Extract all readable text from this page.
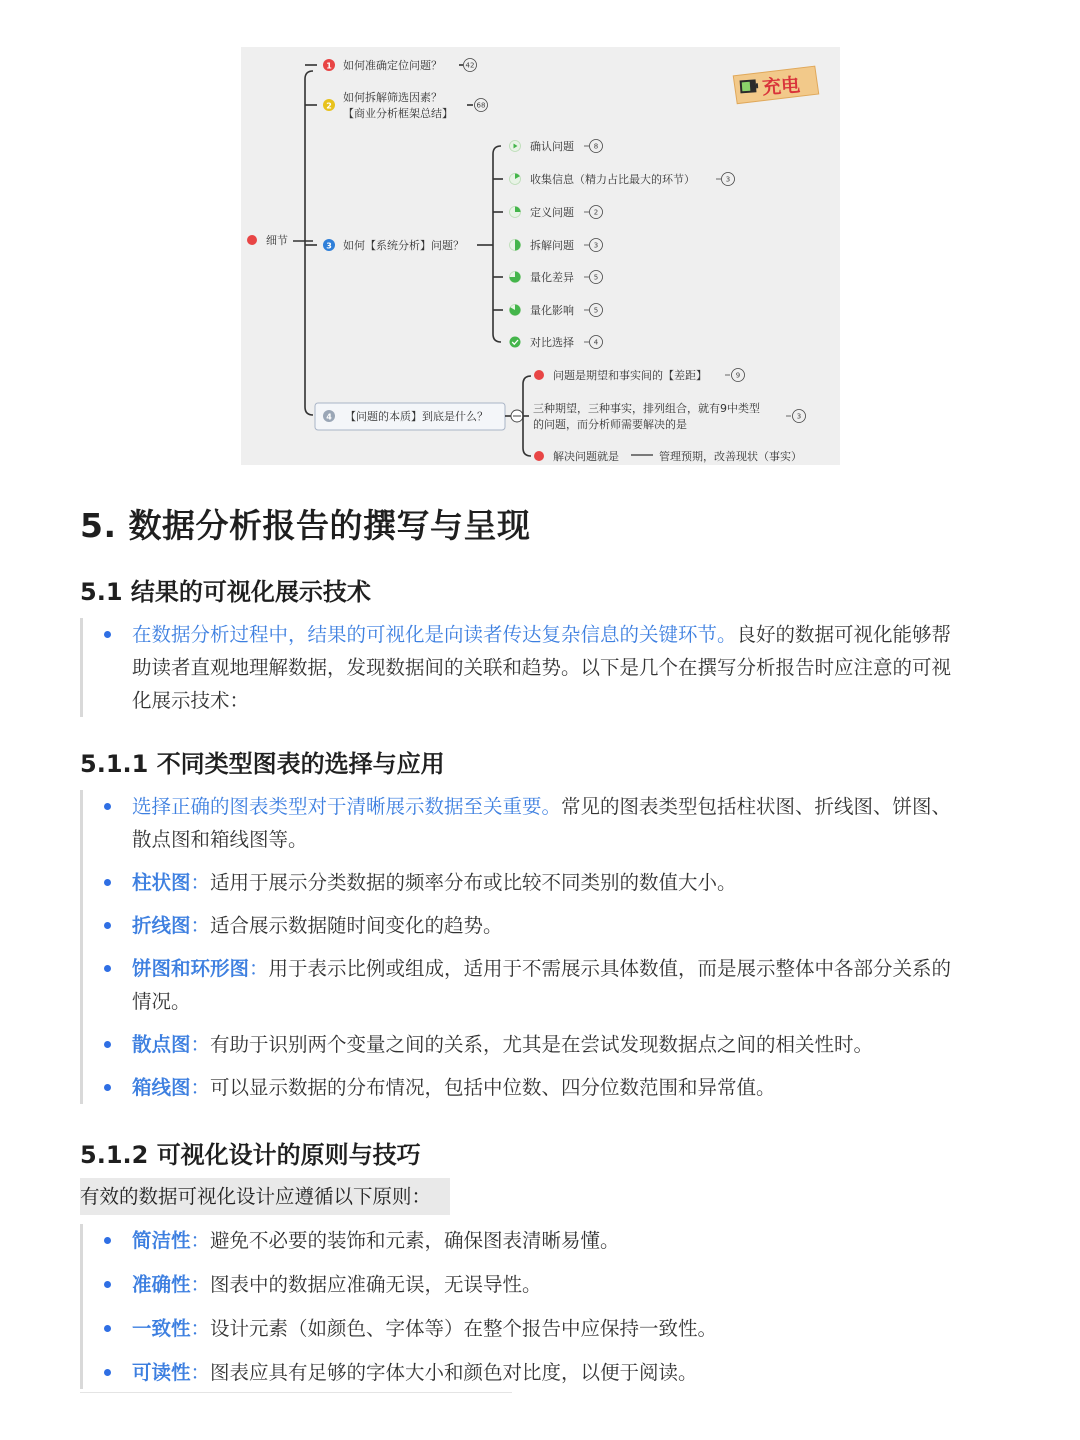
细节
1 如何准确定位问题？	42
2
如何拆解筛选因素？
【商业分析框架总结】
68
3 如何【系统分析】问题？
确认问题
收集信息（精力占比最大的环节）
定义问题
拆解问题
量化差异
量化影响
对比选择
8
3
2
3
5
5
4
4 【问题的本质】到底是什么？
问题是期望和事实间的【差距】	9
三种期望，三种事实，排列组合，就有9中类型
的问题，而分析师需要解决的是
3
解决问题就是	管理预期，改善现状（事实）
充电
5. 数据分析报告的撰写与呈现
5.1 结果的可视化展示技术
在数据分析过程中，结果的可视化是向读者传达复杂信息的关键环节。良好的数据可视化能够帮
助读者直观地理解数据，发现数据间的关联和趋势。以下是几个在撰写分析报告时应注意的可视
化展示技术：
5.1.1 不同类型图表的选择与应用
选择正确的图表类型对于清晰展示数据至关重要。常见的图表类型包括柱状图、折线图、饼图、
散点图和箱线图等。
柱状图：适用于展示分类数据的频率分布或比较不同类别的数值大小。
折线图：适合展示数据随时间变化的趋势。
饼图和环形图：用于表示比例或组成，适用于不需展示具体数值，而是展示整体中各部分关系的
情况。
散点图：有助于识别两个变量之间的关系，尤其是在尝试发现数据点之间的相关性时。
箱线图：可以显示数据的分布情况，包括中位数、四分位数范围和异常值。
5.1.2 可视化设计的原则与技巧
有效的数据可视化设计应遵循以下原则：
简洁性：避免不必要的装饰和元素，确保图表清晰易懂。
准确性：图表中的数据应准确无误，无误导性。
一致性：设计元素（如颜色、字体等）在整个报告中应保持一致性。
可读性：图表应具有足够的字体大小和颜色对比度，以便于阅读。
